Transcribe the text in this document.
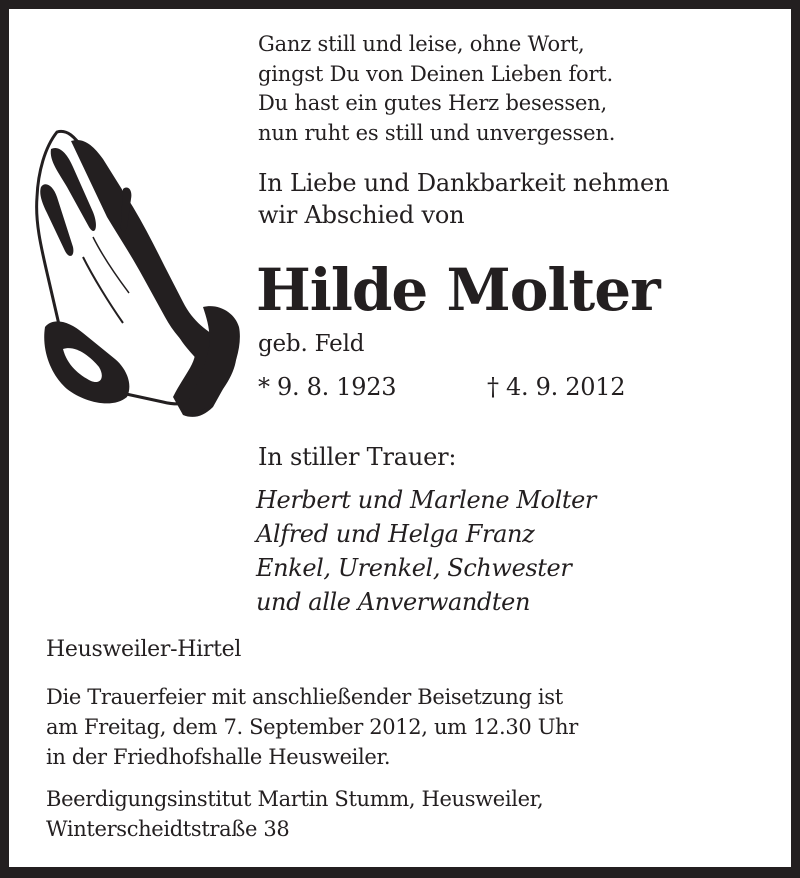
Ganz still und leise, ohne Wort,
gingst Du von Deinen Lieben fort.
Du hast ein gutes Herz besessen,
nun ruht es still und unvergessen.
In Liebe und Dankbarkeit nehmen
wir Abschied von
Hilde Molter
geb. Feld
* 9. 8. 1923	† 4. 9. 2012
In stiller Trauer:
Herbert und Marlene Molter
Alfred und Helga Franz
Enkel, Urenkel, Schwester
und alle Anverwandten
Heusweiler-Hirtel
Die Trauerfeier mit anschließender Beisetzung ist
am Freitag, dem 7. September 2012, um 12.30 Uhr
in der Friedhofshalle Heusweiler.
Beerdigungsinstitut Martin Stumm, Heusweiler,
Winterscheidtstraße 38
